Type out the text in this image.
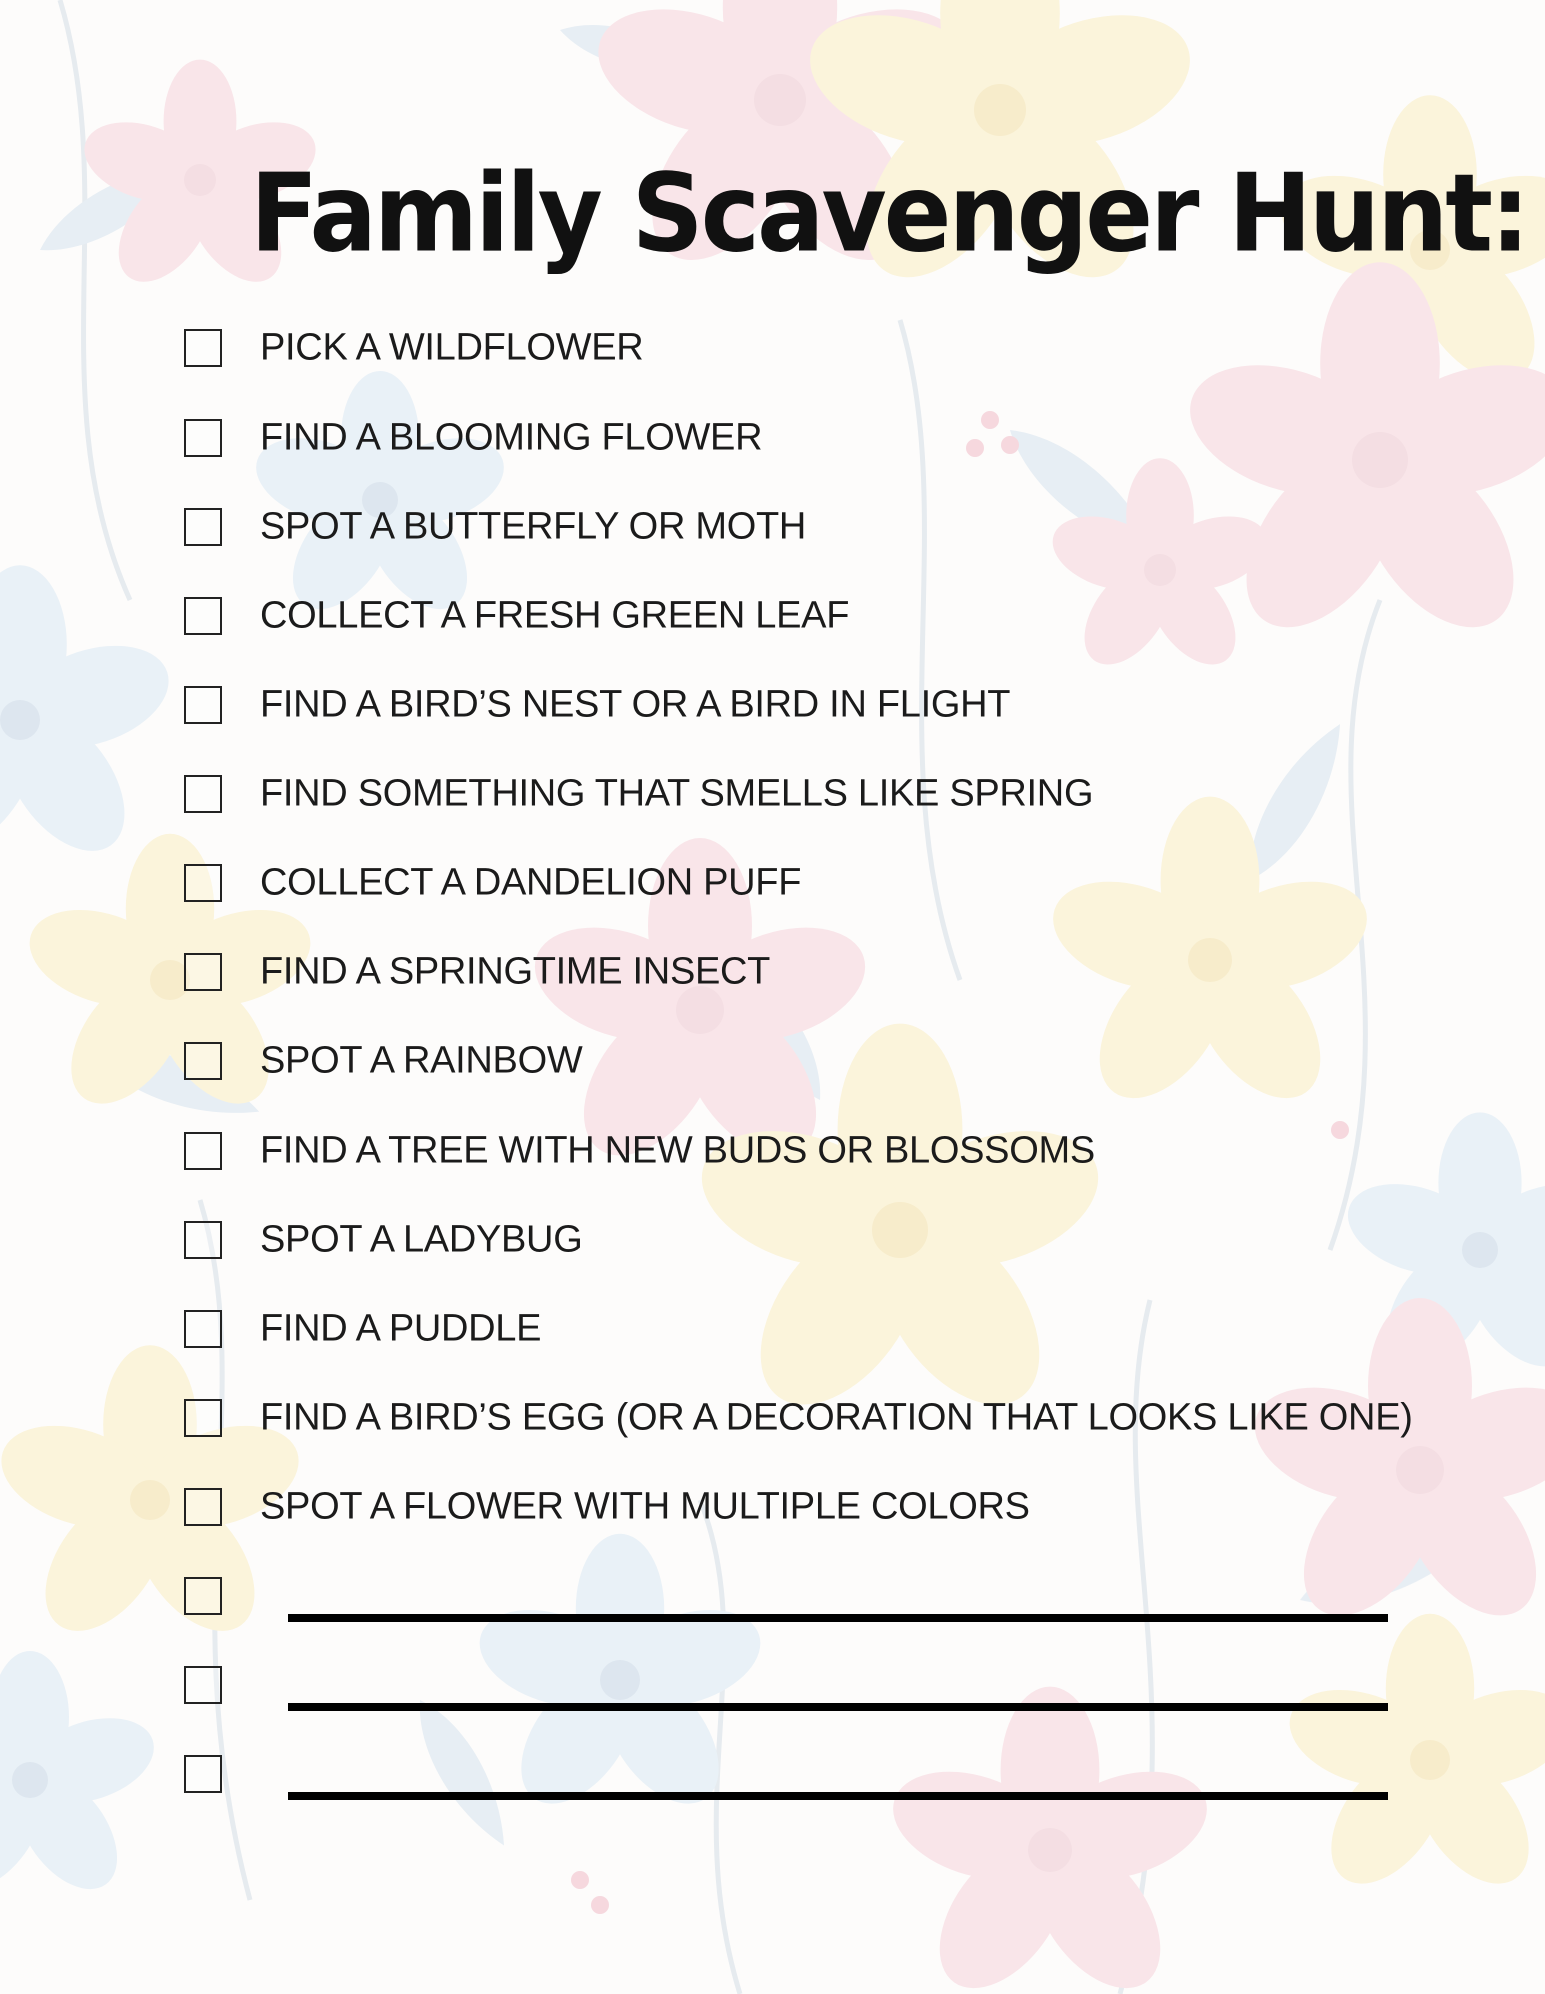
Family Scavenger Hunt:
PICK A WILDFLOWER
FIND A BLOOMING FLOWER
SPOT A BUTTERFLY OR MOTH
COLLECT A FRESH GREEN LEAF
FIND A BIRD’S NEST OR A BIRD IN FLIGHT
FIND SOMETHING THAT SMELLS LIKE SPRING
COLLECT A DANDELION PUFF
FIND A SPRINGTIME INSECT
SPOT A RAINBOW
FIND A TREE WITH NEW BUDS OR BLOSSOMS
SPOT A LADYBUG
FIND A PUDDLE
FIND A BIRD’S EGG (OR A DECORATION THAT LOOKS LIKE ONE)
SPOT A FLOWER WITH MULTIPLE COLORS
